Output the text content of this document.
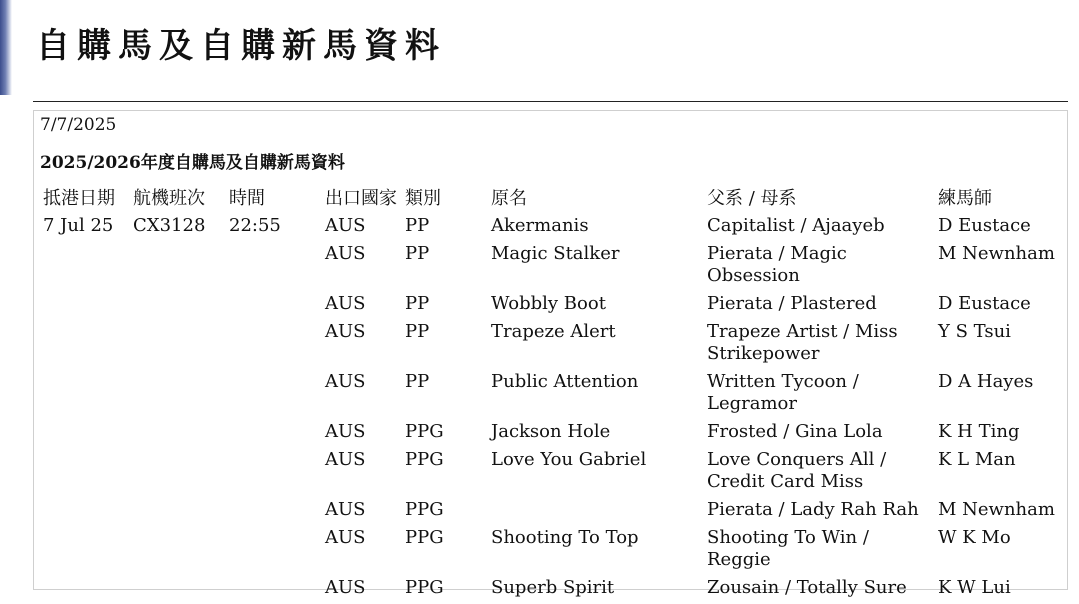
自購馬及自購新馬資料
7/7/2025
2025/2026年度自購馬及自購新馬資料
抵港日期	航機班次	時間	出口國家	類別	原名	父系 / 母系	練馬師
7 Jul 25	CX3128	22:55	AUS	PP	Akermanis	Capitalist / Ajaayeb	D Eustace
			AUS	PP	Magic Stalker	Pierata / Magic Obsession	M Newnham
			AUS	PP	Wobbly Boot	Pierata / Plastered	D Eustace
			AUS	PP	Trapeze Alert	Trapeze Artist / Miss Strikepower	Y S Tsui
			AUS	PP	Public Attention	Written Tycoon / Legramor	D A Hayes
			AUS	PPG	Jackson Hole	Frosted / Gina Lola	K H Ting
			AUS	PPG	Love You Gabriel	Love Conquers All / Credit Card Miss	K L Man
			AUS	PPG		Pierata / Lady Rah Rah	M Newnham
			AUS	PPG	Shooting To Top	Shooting To Win / Reggie	W K Mo
			AUS	PPG	Superb Spirit	Zousain / Totally Sure	K W Lui
